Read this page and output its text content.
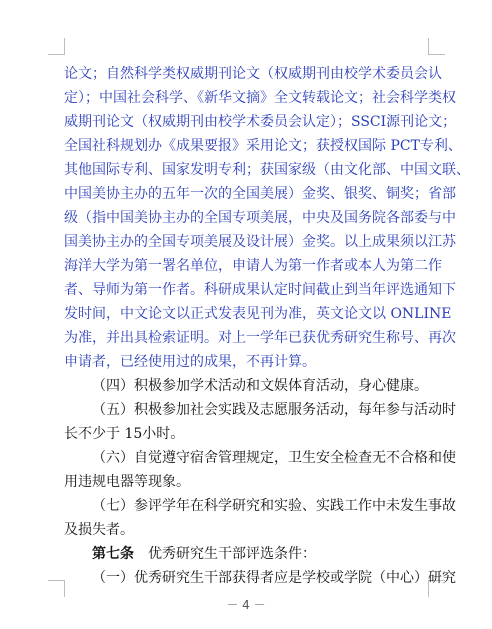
论文；自然科学类权威期刊论文（权威期刊由校学术委员会认
定）；中国社会科学、《新华文摘》全文转载论文；社会科学类权
威期刊论文（权威期刊由校学术委员会认定）；SSCI源刊论文；
全国社科规划办《成果要报》采用论文；获授权国际 PCT专利、
其他国际专利、国家发明专利；获国家级（由文化部、中国文联、
中国美协主办的五年一次的全国美展）金奖、银奖、铜奖；省部
级（指中国美协主办的全国专项美展，中央及国务院各部委与中
国美协主办的全国专项美展及设计展）金奖。以上成果须以江苏
海洋大学为第一署名单位，申请人为第一作者或本人为第二作
者、导师为第一作者。科研成果认定时间截止到当年评选通知下
发时间，中文论文以正式发表见刊为准，英文论文以 ONLINE
为准，并出具检索证明。对上一学年已获优秀研究生称号、再次
申请者，已经使用过的成果，不再计算。
（四）积极参加学术活动和文娱体育活动，身心健康。
（五）积极参加社会实践及志愿服务活动，每年参与活动时
长不少于 15小时。
（六）自觉遵守宿舍管理规定，卫生安全检查无不合格和使
用违规电器等现象。
（七）参评学年在科学研究和实验、实践工作中未发生事故
及损失者。
第七条  优秀研究生干部评选条件：
（一）优秀研究生干部获得者应是学校或学院（中心）研究
－ 4 －
